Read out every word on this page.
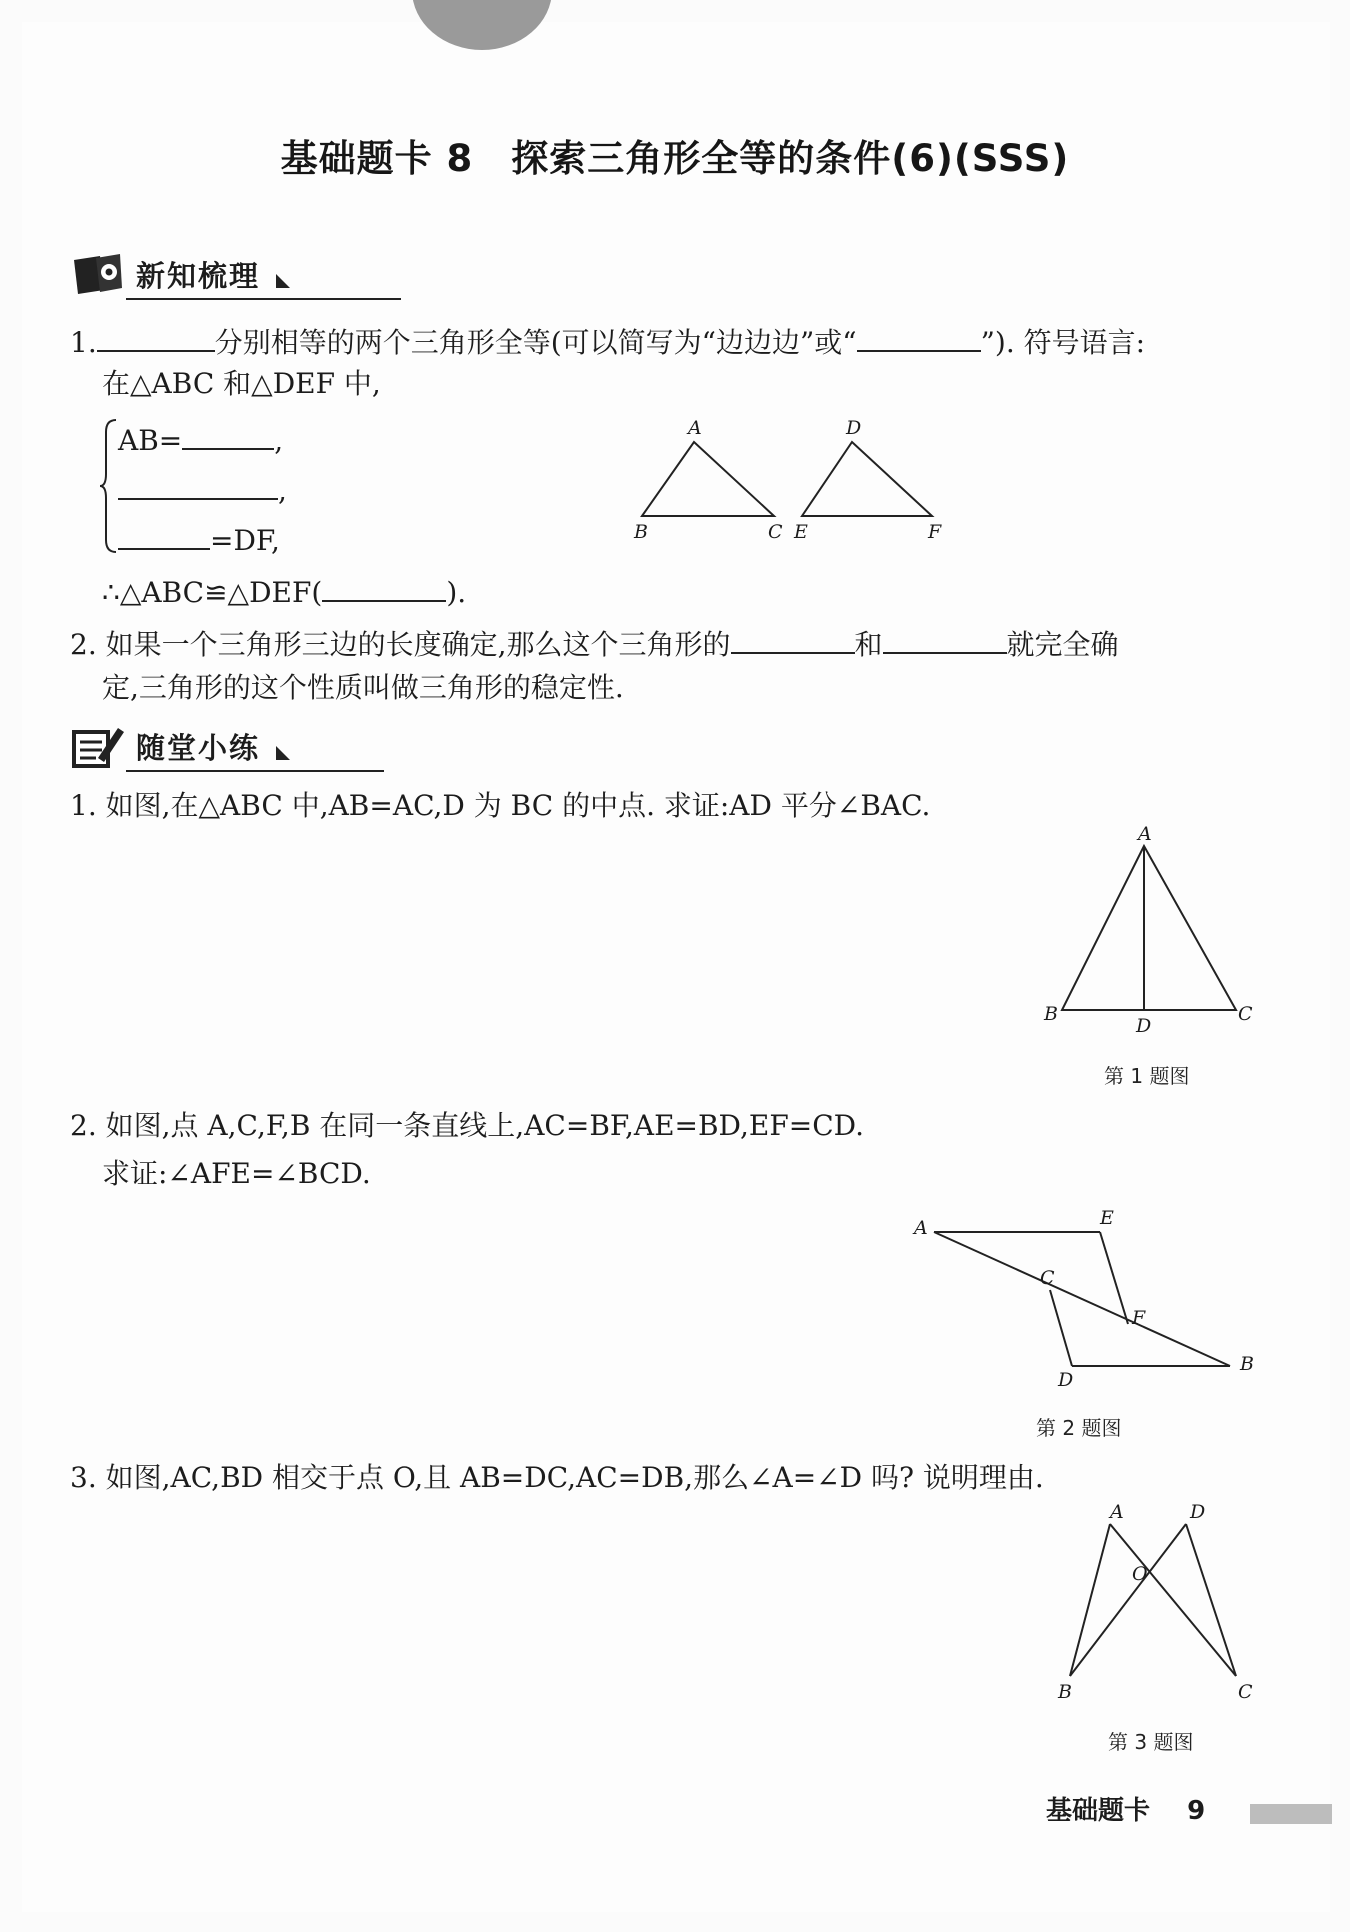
基础题卡 8　探索三角形全等的条件(6)(SSS)
新知梳理
1.	分别相等的两个三角形全等(可以简写为“边边边”或“	”). 符号语言:
在△ABC 和△DEF 中,
AB=	,
,
=DF,
∴△ABC≌△DEF(	).
A
B	C
D
E	F
2. 如果一个三角形三边的长度确定,那么这个三角形的	和	就完全确
定,三角形的这个性质叫做三角形的稳定性.
随堂小练
1. 如图,在△ABC 中,AB=AC,D 为 BC 的中点. 求证:AD 平分∠BAC.
A
B	C
D
第 1 题图
2. 如图,点 A,C,F,B 在同一条直线上,AC=BF,AE=BD,EF=CD.
求证:∠AFE=∠BCD.
A	E
C
F
D
B
第 2 题图
3. 如图,AC,BD 相交于点 O,且 AB=DC,AC=DB,那么∠A=∠D 吗? 说明理由.
A	D
O
B	C
第 3 题图
基础题卡 9
